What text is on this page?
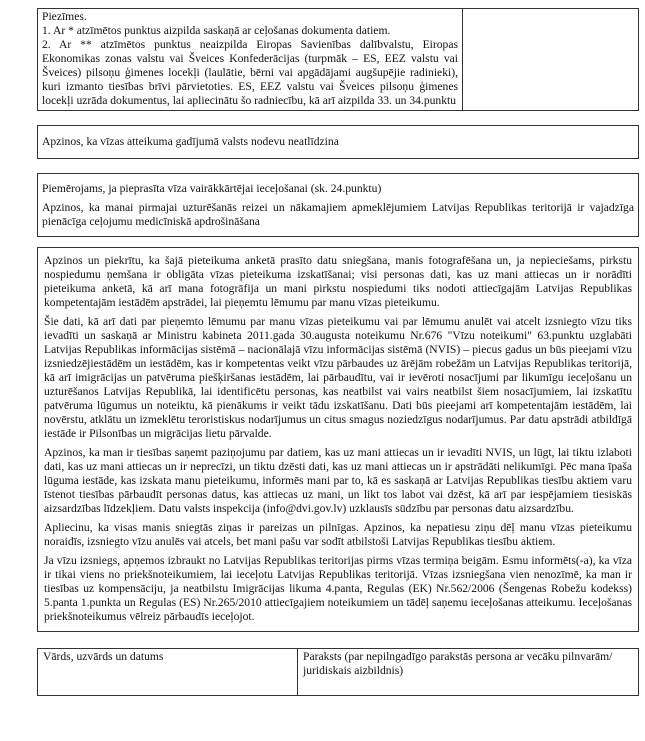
Piezīmes.

1. Ar * atzīmētos punktus aizpilda saskaņā ar ceļošanas dokumenta datiem.

2. Ar ** atzīmētos punktus neaizpilda Eiropas Savienības dalībvalstu, Eiropas Ekonomikas zonas valstu vai Šveices Konfederācijas (turpmāk – ES, EEZ valstu vai Šveices) pilsoņu ģimenes locekļi (laulātie, bērni vai apgādājami augšupējie radinieki), kuri izmanto tiesības brīvi pārvietoties. ES, EEZ valstu vai Šveices pilsoņu ģimenes locekļi uzrāda dokumentus, lai apliecinātu šo radniecību, kā arī aizpilda 33. un 34.punktu

Apzinos, ka vīzas atteikuma gadījumā valsts nodevu neatlīdzina

Piemērojams, ja pieprasīta vīza vairākkārtējai ieceļošanai (sk. 24.punktu)

Apzinos, ka manai pirmajai uzturēšanās reizei un nākamajiem apmeklējumiem Latvijas Republikas teritorijā ir vajadzīga pienācīga ceļojumu medicīniskā apdrošināšana

Apzinos un piekrītu, ka šajā pieteikuma anketā prasīto datu sniegšana, manis fotografēšana un, ja nepieciešams, pirkstu nospiedumu ņemšana ir obligāta vīzas pieteikuma izskatīšanai; visi personas dati, kas uz mani attiecas un ir norādīti pieteikuma anketā, kā arī mana fotogrāfija un mani pirkstu nospiedumi tiks nodoti attiecīgajām Latvijas Republikas kompetentajām iestādēm apstrādei, lai pieņemtu lēmumu par manu vīzas pieteikumu.

Šie dati, kā arī dati par pieņemto lēmumu par manu vīzas pieteikumu vai par lēmumu anulēt vai atcelt izsniegto vīzu tiks ievadīti un saskaņā ar Ministru kabineta 2011.gada 30.augusta noteikumu Nr.676 "Vīzu noteikumi" 63.punktu uzglabāti Latvijas Republikas informācijas sistēmā – nacionālajā vīzu informācijas sistēmā (NVIS) – piecus gadus un būs pieejami vīzu izsniedzējiestādēm un iestādēm, kas ir kompetentas veikt vīzu pārbaudes uz ārējām robežām un Latvijas Republikas teritorijā, kā arī imigrācijas un patvēruma piešķiršanas iestādēm, lai pārbaudītu, vai ir ievēroti nosacījumi par likumīgu ieceļošanu un uzturēšanos Latvijas Republikā, lai identificētu personas, kas neatbilst vai vairs neatbilst šiem nosacījumiem, lai izskatītu patvēruma lūgumus un noteiktu, kā pienākums ir veikt tādu izskatīšanu. Dati būs pieejami arī kompetentajām iestādēm, lai novērstu, atklātu un izmeklētu teroristiskus nodarījumus un citus smagus noziedzīgus nodarījumus. Par datu apstrādi atbildīgā iestāde ir Pilsonības un migrācijas lietu pārvalde.

Apzinos, ka man ir tiesības saņemt paziņojumu par datiem, kas uz mani attiecas un ir ievadīti NVIS, un lūgt, lai tiktu izlaboti dati, kas uz mani attiecas un ir neprecīzi, un tiktu dzēsti dati, kas uz mani attiecas un ir apstrādāti nelikumīgi. Pēc mana īpaša lūguma iestāde, kas izskata manu pieteikumu, informēs mani par to, kā es saskaņā ar Latvijas Republikas tiesību aktiem varu īstenot tiesības pārbaudīt personas datus, kas attiecas uz mani, un likt tos labot vai dzēst, kā arī par iespējamiem tiesiskās aizsardzības līdzekļiem. Datu valsts inspekcija (info@dvi.gov.lv) uzklausīs sūdzību par personas datu aizsardzību.

Apliecinu, ka visas manis sniegtās ziņas ir pareizas un pilnīgas. Apzinos, ka nepatiesu ziņu dēļ manu vīzas pieteikumu noraidīs, izsniegto vīzu anulēs vai atcels, bet mani pašu var sodīt atbilstoši Latvijas Republikas tiesību aktiem.

Ja vīzu izsniegs, apņemos izbraukt no Latvijas Republikas teritorijas pirms vīzas termiņa beigām. Esmu informēts(-a), ka vīza ir tikai viens no priekšnoteikumiem, lai ieceļotu Latvijas Republikas teritorijā. Vīzas izsniegšana vien nenozīmē, ka man ir tiesības uz kompensāciju, ja neatbilstu Imigrācijas likuma 4.panta, Regulas (EK) Nr.562/2006 (Šengenas Robežu kodekss) 5.panta 1.punkta un Regulas (ES) Nr.265/2010 attiecīgajiem noteikumiem un tādēļ saņemu ieceļošanas atteikumu. Ieceļošanas priekšnoteikumus vēlreiz pārbaudīs ieceļojot.

Vārds, uzvārds un datums	Paraksts (par nepilngadīgo parakstās persona ar vecāku pilnvarām/ juridiskais aizbildnis)
